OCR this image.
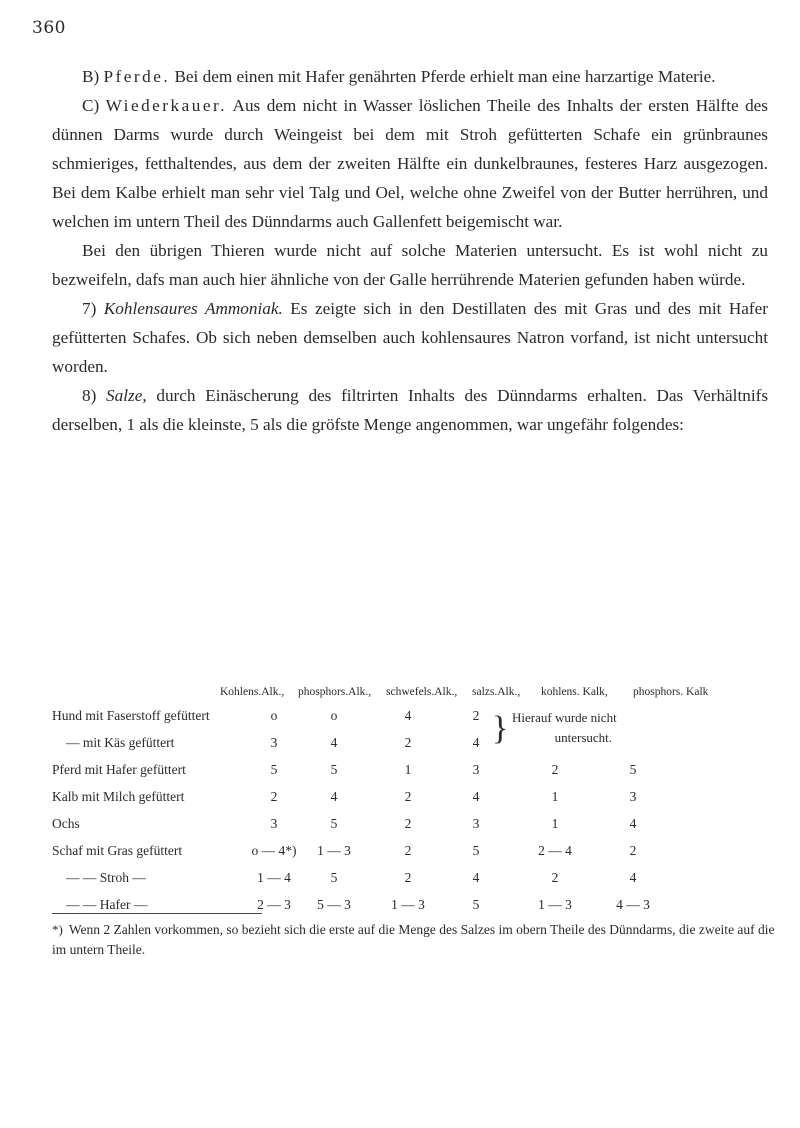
360

B) Pferde. Bei dem einen mit Hafer genährten Pferde erhielt man eine harzartige Materie.

C) Wiederkauer. Aus dem nicht in Wasser löslichen Theile des Inhalts der ersten Hälfte des dünnen Darms wurde durch Weingeist bei dem mit Stroh gefütterten Schafe ein grünbraunes schmieriges, fetthaltendes, aus dem der zweiten Hälfte ein dunkelbraunes, festeres Harz ausgezogen. Bei dem Kalbe erhielt man sehr viel Talg und Oel, welche ohne Zweifel von der Butter herrühren, und welchen im untern Theil des Dünndarms auch Gallenfett beigemischt war.

Bei den übrigen Thieren wurde nicht auf solche Materien untersucht. Es ist wohl nicht zu bezweifeln, dafs man auch hier ähnliche von der Galle herrührende Materien gefunden haben würde.

7) Kohlensaures Ammoniak. Es zeigte sich in den Destillaten des mit Gras und des mit Hafer gefütterten Schafes. Ob sich neben demselben auch kohlensaures Natron vorfand, ist nicht untersucht worden.

8) Salze, durch Einäscherung des filtrirten Inhalts des Dünndarms erhalten. Das Verhältnifs derselben, 1 als die kleinste, 5 als die gröfste Menge angenommen, war ungefähr folgendes:

Kohlens.Alk., phosphors.Alk., schwefels.Alk., salzs.Alk., kohlens. Kalk, phosphors. Kalk
} Hierauf wurde nicht
untersucht.
Hund mit Faserstoff gefüttert	o	o	4	2
— mit Käs gefüttert	3	4	2	4
Pferd mit Hafer gefüttert	5	5	1	3	2	5
Kalb mit Milch gefüttert	2	4	2	4	1	3
Ochs	3	5	2	3	1	4
Schaf mit Gras gefüttert	o — 4*)	1 — 3	2	5	2 — 4	2
— — Stroh —	1 — 4	5	2	4	2	4
— — Hafer —	2 — 3	5 — 3	1 — 3	5	1 — 3	4 — 3
*) Wenn 2 Zahlen vorkommen, so bezieht sich die erste auf die Menge des Salzes im obern Theile des Dünndarms, die zweite auf die im untern Theile.
